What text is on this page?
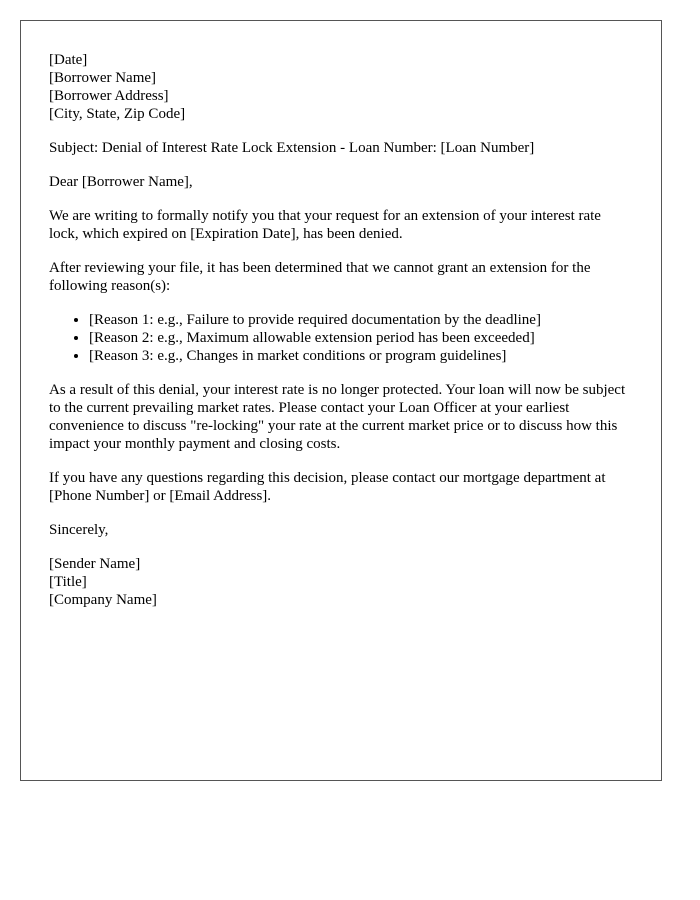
[Date]
[Borrower Name]
[Borrower Address]
[City, State, Zip Code]

Subject: Denial of Interest Rate Lock Extension - Loan Number: [Loan Number]

Dear [Borrower Name],

We are writing to formally notify you that your request for an extension of your interest rate lock, which expired on [Expiration Date], has been denied.

After reviewing your file, it has been determined that we cannot grant an extension for the following reason(s):

• [Reason 1: e.g., Failure to provide required documentation by the deadline]
• [Reason 2: e.g., Maximum allowable extension period has been exceeded]
• [Reason 3: e.g., Changes in market conditions or program guidelines]

As a result of this denial, your interest rate is no longer protected. Your loan will now be subject to the current prevailing market rates. Please contact your Loan Officer at your earliest convenience to discuss "re-locking" your rate at the current market price or to discuss how this impact your monthly payment and closing costs.

If you have any questions regarding this decision, please contact our mortgage department at [Phone Number] or [Email Address].

Sincerely,

[Sender Name]
[Title]
[Company Name]
